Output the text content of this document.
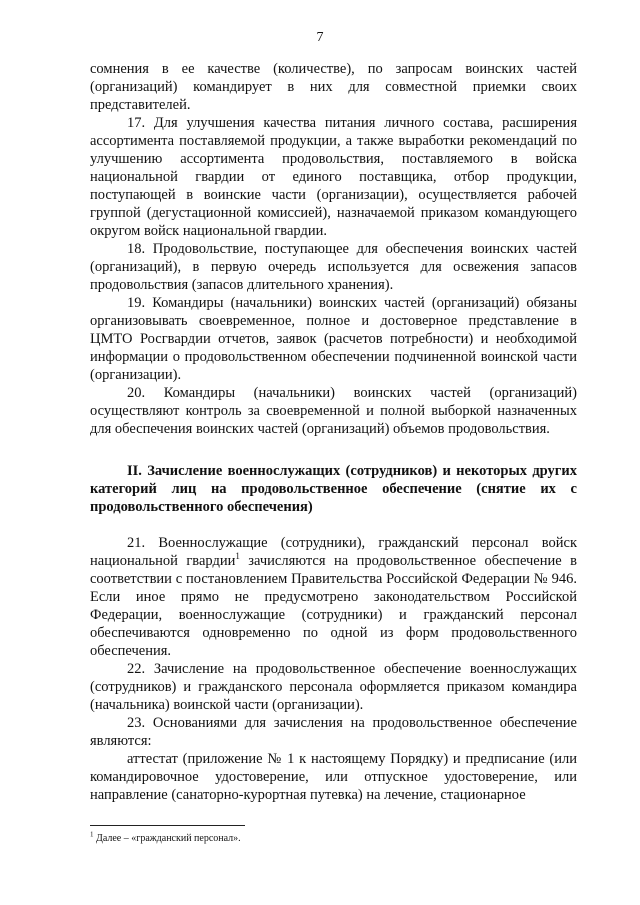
7

сомнения в ее качестве (количестве), по запросам воинских частей (организаций) командирует в них для совместной приемки своих представителей.

17. Для улучшения качества питания личного состава, расширения ассортимента поставляемой продукции, а также выработки рекомендаций по улучшению ассортимента продовольствия, поставляемого в войска национальной гвардии от единого поставщика, отбор продукции, поступающей в воинские части (организации), осуществляется рабочей группой (дегустационной комиссией), назначаемой приказом командующего округом войск национальной гвардии.

18. Продовольствие, поступающее для обеспечения воинских частей (организаций), в первую очередь используется для освежения запасов продовольствия (запасов длительного хранения).

19. Командиры (начальники) воинских частей (организаций) обязаны организовывать своевременное, полное и достоверное представление в ЦМТО Росгвардии отчетов, заявок (расчетов потребности) и необходимой информации о продовольственном обеспечении подчиненной воинской части (организации).

20. Командиры (начальники) воинских частей (организаций) осуществляют контроль за своевременной и полной выборкой назначенных для обеспечения воинских частей (организаций) объемов продовольствия.

II. Зачисление военнослужащих (сотрудников) и некоторых других категорий лиц на продовольственное обеспечение (снятие их с продовольственного обеспечения)

21. Военнослужащие (сотрудники), гражданский персонал войск национальной гвардии$^1$ зачисляются на продовольственное обеспечение в соответствии с постановлением Правительства Российской Федерации № 946. Если иное прямо не предусмотрено законодательством Российской Федерации, военнослужащие (сотрудники) и гражданский персонал обеспечиваются одновременно по одной из форм продовольственного обеспечения.

22. Зачисление на продовольственное обеспечение военнослужащих (сотрудников) и гражданского персонала оформляется приказом командира (начальника) воинской части (организации).

23. Основаниями для зачисления на продовольственное обеспечение являются:

аттестат (приложение № 1 к настоящему Порядку) и предписание (или командировочное удостоверение, или отпускное удостоверение, или направление (санаторно-курортная путевка) на лечение, стационарное

$^1$ Далее – «гражданский персонал».
